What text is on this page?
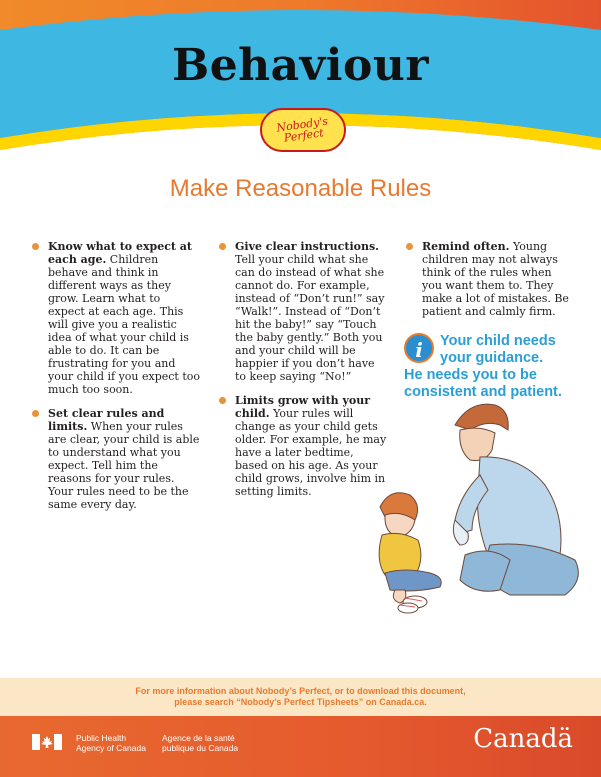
Behaviour
Nobody's Perfect
Make Reasonable Rules
Know what to expect at each age. Children behave and think in different ways as they grow. Learn what to expect at each age. This will give you a realistic idea of what your child is able to do. It can be frustrating for you and your child if you expect too much too soon.
Set clear rules and limits. When your rules are clear, your child is able to understand what you expect. Tell him the reasons for your rules. Your rules need to be the same every day.
Give clear instructions. Tell your child what she can do instead of what she cannot do. For example, instead of “Don’t run!” say “Walk!”. Instead of “Don’t hit the baby!” say “Touch the baby gently.” Both you and your child will be happier if you don’t have to keep saying “No!”
Limits grow with your child. Your rules will change as your child gets older. For example, he may have a later bedtime, based on his age. As your child grows, involve him in setting limits.
Remind often. Young children may not always think of the rules when you want them to. They make a lot of mistakes. Be patient and calmly firm.
i	Your child needs
your guidance.
He needs you to be
consistent and patient.

For more information about Nobody’s Perfect, or to download this document,
please search “Nobody’s Perfect Tipsheets” on Canada.ca.

Public Health
Agency of Canada
Agence de la santé
publique du Canada	Canadä
